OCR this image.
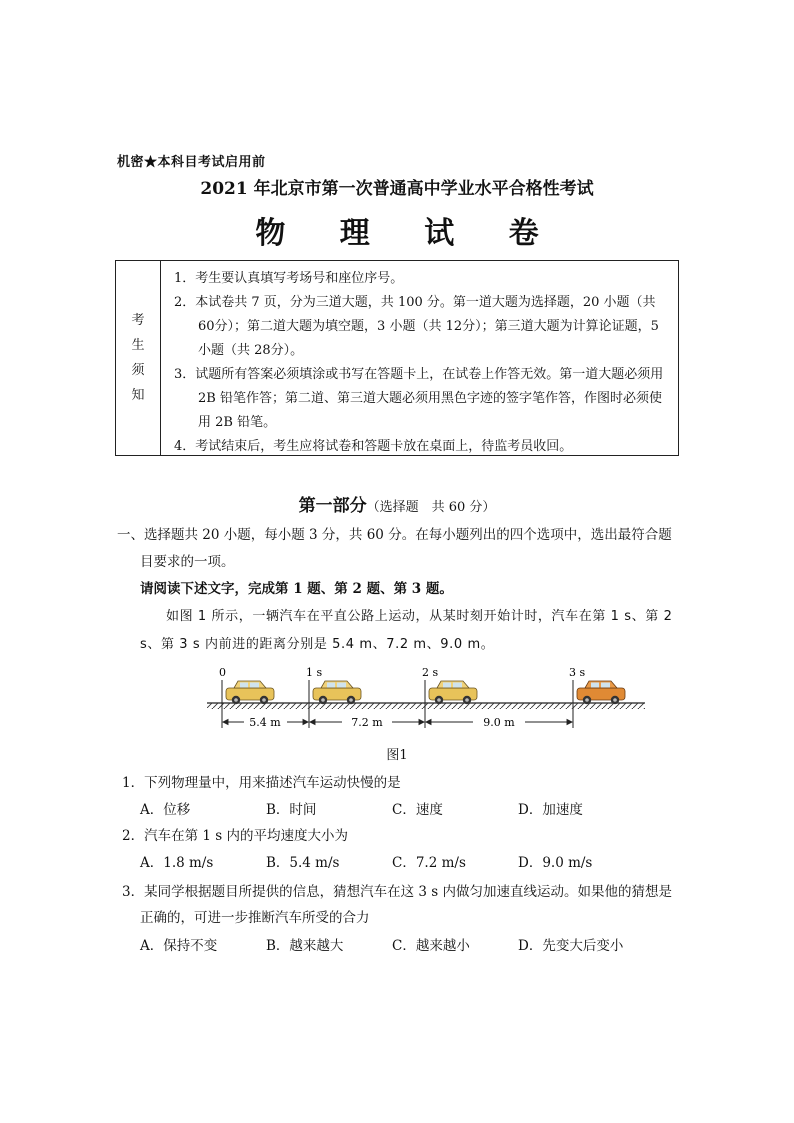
机密★本科目考试启用前
2021 年北京市第一次普通高中学业水平合格性考试
物 理 试 卷
考
生
须
知
1．考生要认真填写考场号和座位序号。
2．本试卷共 7 页，分为三道大题，共 100 分。第一道大题为选择题，20 小题（共 60分）；第二道大题为填空题，3 小题（共 12分）；第三道大题为计算论证题，5 小题（共 28分）。
3．试题所有答案必须填涂或书写在答题卡上，在试卷上作答无效。第一道大题必须用 2B 铅笔作答；第二道、第三道大题必须用黑色字迹的签字笔作答，作图时必须使用 2B 铅笔。
4．考试结束后，考生应将试卷和答题卡放在桌面上，待监考员收回。
第一部分（选择题　共 60 分）
一、选择题共 20 小题，每小题 3 分，共 60 分。在每小题列出的四个选项中，选出最符合题
目要求的一项。
请阅读下述文字，完成第 1 题、第 2 题、第 3 题。
如图 1 所示，一辆汽车在平直公路上运动，从某时刻开始计时，汽车在第 1 s、第 2 s、第 3 s 内前进的距离分别是 5.4 m、7.2 m、9.0 m。
0	1 s	2 s	3 s
5.4 m	7.2 m	9.0 m
图1
1．下列物理量中，用来描述汽车运动快慢的是
A．位移	B．时间	C．速度	D．加速度
2．汽车在第 1 s 内的平均速度大小为
A．1.8 m/s	B．5.4 m/s	C．7.2 m/s	D．9.0 m/s
3．某同学根据题目所提供的信息，猜想汽车在这 3 s 内做匀加速直线运动。如果他的猜想是
正确的，可进一步推断汽车所受的合力
A．保持不变	B．越来越大	C．越来越小	D．先变大后变小
